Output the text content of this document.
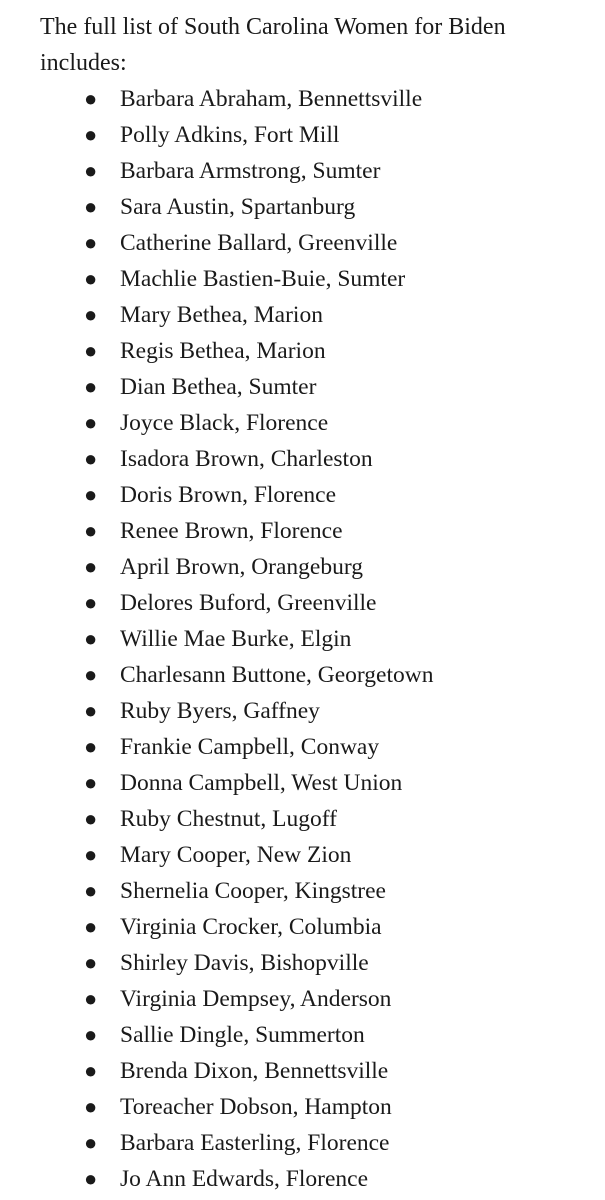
The full list of South Carolina Women for Biden includes:

● Barbara Abraham, Bennettsville
● Polly Adkins, Fort Mill
● Barbara Armstrong, Sumter
● Sara Austin, Spartanburg
● Catherine Ballard, Greenville
● Machlie Bastien-Buie, Sumter
● Mary Bethea, Marion
● Regis Bethea, Marion
● Dian Bethea, Sumter
● Joyce Black, Florence
● Isadora Brown, Charleston
● Doris Brown, Florence
● Renee Brown, Florence
● April Brown, Orangeburg
● Delores Buford, Greenville
● Willie Mae Burke, Elgin
● Charlesann Buttone, Georgetown
● Ruby Byers, Gaffney
● Frankie Campbell, Conway
● Donna Campbell, West Union
● Ruby Chestnut, Lugoff
● Mary Cooper, New Zion
● Shernelia Cooper, Kingstree
● Virginia Crocker, Columbia
● Shirley Davis, Bishopville
● Virginia Dempsey, Anderson
● Sallie Dingle, Summerton
● Brenda Dixon, Bennettsville
● Toreacher Dobson, Hampton
● Barbara Easterling, Florence
● Jo Ann Edwards, Florence
